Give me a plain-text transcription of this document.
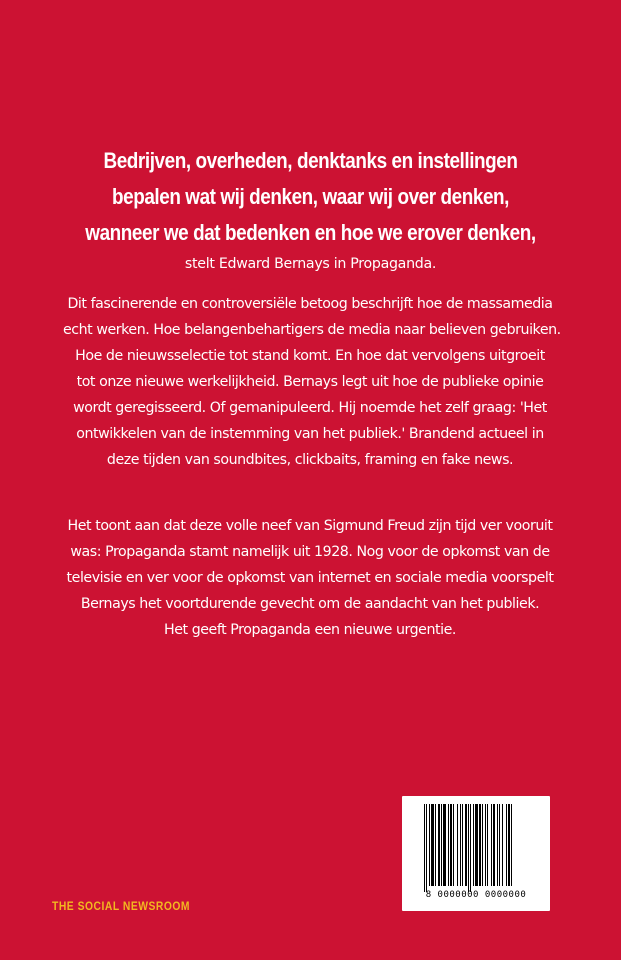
Bedrijven, overheden, denktanks en instellingen
bepalen wat wij denken, waar wij over denken,
wanneer we dat bedenken en hoe we erover denken,
stelt Edward Bernays in Propaganda.

Dit fascinerende en controversiële betoog beschrijft hoe de massamedia
echt werken. Hoe belangenbehartigers de media naar believen gebruiken.
Hoe de nieuwsselectie tot stand komt. En hoe dat vervolgens uitgroeit
tot onze nieuwe werkelijkheid. Bernays legt uit hoe de publieke opinie
wordt geregisseerd. Of gemanipuleerd. Hij noemde het zelf graag: 'Het
ontwikkelen van de instemming van het publiek.' Brandend actueel in
deze tijden van soundbites, clickbaits, framing en fake news.

Het toont aan dat deze volle neef van Sigmund Freud zijn tijd ver vooruit
was: Propaganda stamt namelijk uit 1928. Nog voor de opkomst van de
televisie en ver voor de opkomst van internet en sociale media voorspelt
Bernays het voortdurende gevecht om de aandacht van het publiek.
Het geeft Propaganda een nieuwe urgentie.

8 0000000 0000000
THE SOCIAL NEWSROOM
